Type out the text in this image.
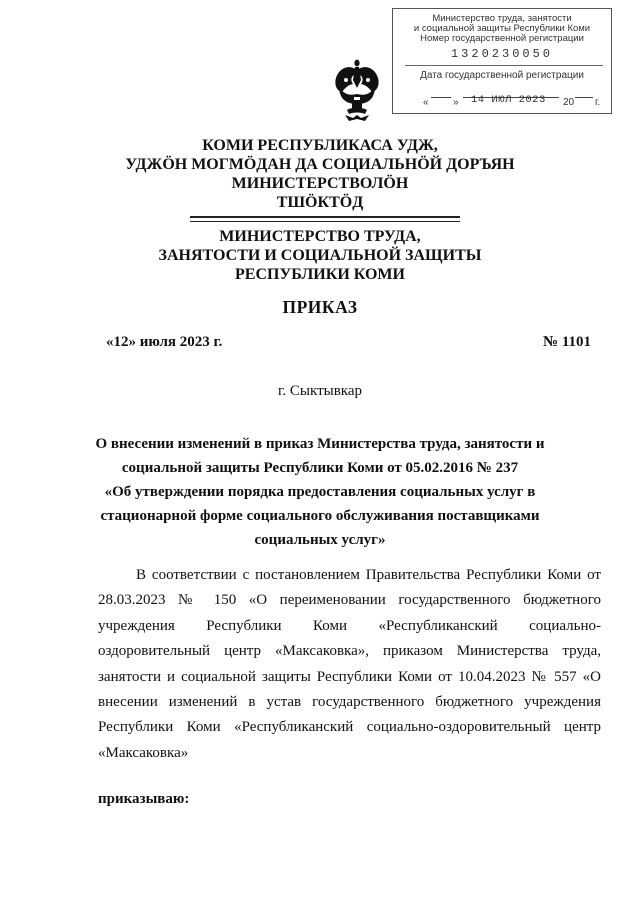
Министерство труда, занятости
и социальной защиты Республики Коми
Номер государственной регистрации
1320230050
Дата государственной регистрации
« » 14 ИЮЛ 2023 20 г.
КОМИ РЕСПУБЛИКАСА УДЖ,
УДЖӦН МОГМӦДАН ДА СОЦИАЛЬНӦЙ ДОРЪЯН
МИНИСТЕРСТВОЛӦН
ТШӦКТӦД
МИНИСТЕРСТВО ТРУДА,
ЗАНЯТОСТИ И СОЦИАЛЬНОЙ ЗАЩИТЫ
РЕСПУБЛИКИ КОМИ
ПРИКАЗ
«12» июля 2023 г.	№ 1101
г. Сыктывкар
О внесении изменений в приказ Министерства труда, занятости и
социальной защиты Республики Коми от 05.02.2016 № 237
«Об утверждении порядка предоставления социальных услуг в
стационарной форме социального обслуживания поставщиками
социальных услуг»
В соответствии с постановлением Правительства Республики Коми от 28.03.2023 № 150 «О переименовании государственного бюджетного учреждения Республики Коми «Республиканский социально-оздоровительный центр «Максаковка», приказом Министерства труда, занятости и социальной защиты Республики Коми от 10.04.2023 № 557 «О внесении изменений в устав государственного бюджетного учреждения Республики Коми «Республиканский социально-оздоровительный центр «Максаковка»
приказываю:
